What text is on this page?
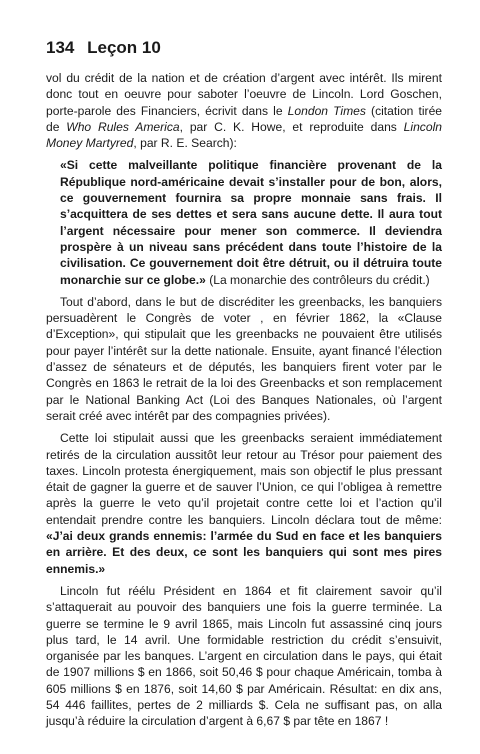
134 Leçon 10

vol du crédit de la nation et de création d’argent avec intérêt. Ils mirent donc tout en oeuvre pour saboter l’oeuvre de Lincoln. Lord Goschen, porte-parole des Financiers, écrivit dans le London Times (citation tirée de Who Rules America, par C. K. Howe, et reproduite dans Lincoln Money Martyred, par R. E. Search):

«Si cette malveillante politique financière provenant de la République nord-américaine devait s’installer pour de bon, alors, ce gouvernement fournira sa propre monnaie sans frais. Il s’acquittera de ses dettes et sera sans aucune dette. Il aura tout l’argent nécessaire pour mener son commerce. Il deviendra prospère à un niveau sans précédent dans toute l’histoire de la civilisation. Ce gouvernement doit être détruit, ou il détruira toute monarchie sur ce globe.» (La monarchie des contrôleurs du crédit.)

Tout d’abord, dans le but de discréditer les greenbacks, les banquiers persuadèrent le Congrès de voter , en février 1862, la «Clause d’Exception», qui stipulait que les greenbacks ne pouvaient être utilisés pour payer l’intérêt sur la dette nationale. Ensuite, ayant financé l’élection d’assez de sénateurs et de députés, les banquiers firent voter par le Congrès en 1863 le retrait de la loi des Greenbacks et son remplacement par le National Banking Act (Loi des Banques Nationales, où l’argent serait créé avec intérêt par des compagnies privées).

Cette loi stipulait aussi que les greenbacks seraient immédiatement retirés de la circulation aussitôt leur retour au Trésor pour paiement des taxes. Lincoln protesta énergiquement, mais son objectif le plus pressant était de gagner la guerre et de sauver l’Union, ce qui l’obligea à remettre après la guerre le veto qu’il projetait contre cette loi et l’action qu’il entendait prendre contre les banquiers. Lincoln déclara tout de même: «J’ai deux grands ennemis: l’armée du Sud en face et les banquiers en arrière. Et des deux, ce sont les banquiers qui sont mes pires ennemis.»

Lincoln fut réélu Président en 1864 et fit clairement savoir qu’il s’attaquerait au pouvoir des banquiers une fois la guerre terminée. La guerre se termine le 9 avril 1865, mais Lincoln fut assassiné cinq jours plus tard, le 14 avril. Une formidable restriction du crédit s’ensuivit, organisée par les banques. L’argent en circulation dans le pays, qui était de 1907 millions $ en 1866, soit 50,46 $ pour chaque Américain, tomba à 605 millions $ en 1876, soit 14,60 $ par Américain. Résultat: en dix ans, 54 446 faillites, pertes de 2 milliards $. Cela ne suffisant pas, on alla jusqu’à réduire la circulation d’argent à 6,67 $ par tête en 1867 !
